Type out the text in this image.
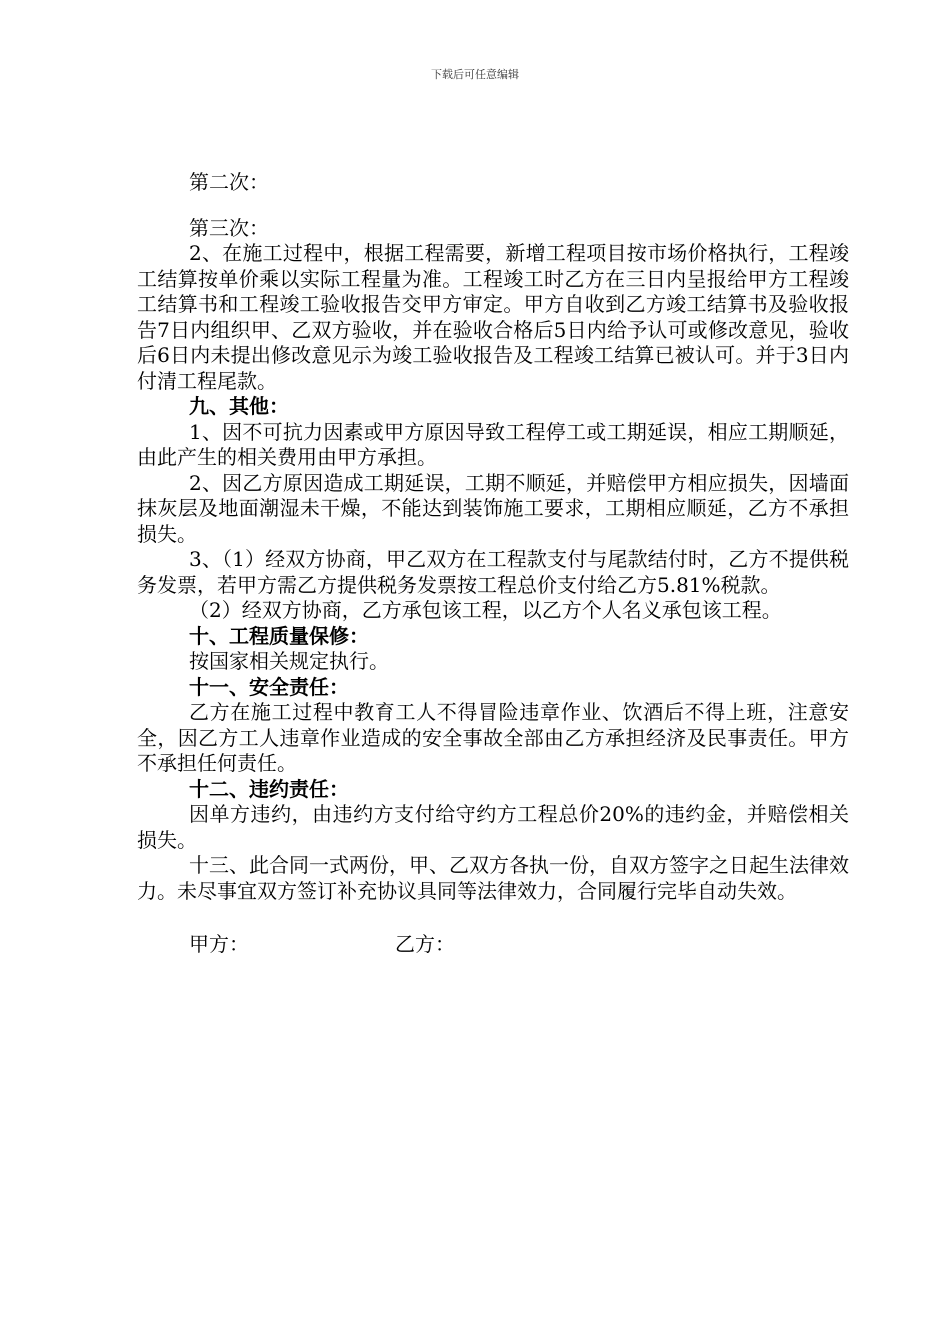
下载后可任意编辑

第二次：

第三次：

2、在施工过程中，根据工程需要，新增工程项目按市场价格执行，工程竣工结算按单价乘以实际工程量为准。工程竣工时乙方在三日内呈报给甲方工程竣工结算书和工程竣工验收报告交甲方审定。甲方自收到乙方竣工结算书及验收报告7日内组织甲、乙双方验收，并在验收合格后5日内给予认可或修改意见，验收后6日内未提出修改意见示为竣工验收报告及工程竣工结算已被认可。并于3日内付清工程尾款。

九、其他：

1、因不可抗力因素或甲方原因导致工程停工或工期延误，相应工期顺延，由此产生的相关费用由甲方承担。

2、因乙方原因造成工期延误，工期不顺延，并赔偿甲方相应损失，因墙面抹灰层及地面潮湿未干燥，不能达到装饰施工要求，工期相应顺延，乙方不承担损失。

3、（1）经双方协商，甲乙双方在工程款支付与尾款结付时，乙方不提供税务发票，若甲方需乙方提供税务发票按工程总价支付给乙方5.81%税款。

（2）经双方协商，乙方承包该工程，以乙方个人名义承包该工程。

十、工程质量保修：

按国家相关规定执行。

十一、安全责任：

乙方在施工过程中教育工人不得冒险违章作业、饮酒后不得上班，注意安全，因乙方工人违章作业造成的安全事故全部由乙方承担经济及民事责任。甲方不承担任何责任。

十二、违约责任：

因单方违约，由违约方支付给守约方工程总价20%的违约金，并赔偿相关损失。

十三、此合同一式两份，甲、乙双方各执一份，自双方签字之日起生法律效力。未尽事宜双方签订补充协议具同等法律效力，合同履行完毕自动失效。

甲方：	乙方：
